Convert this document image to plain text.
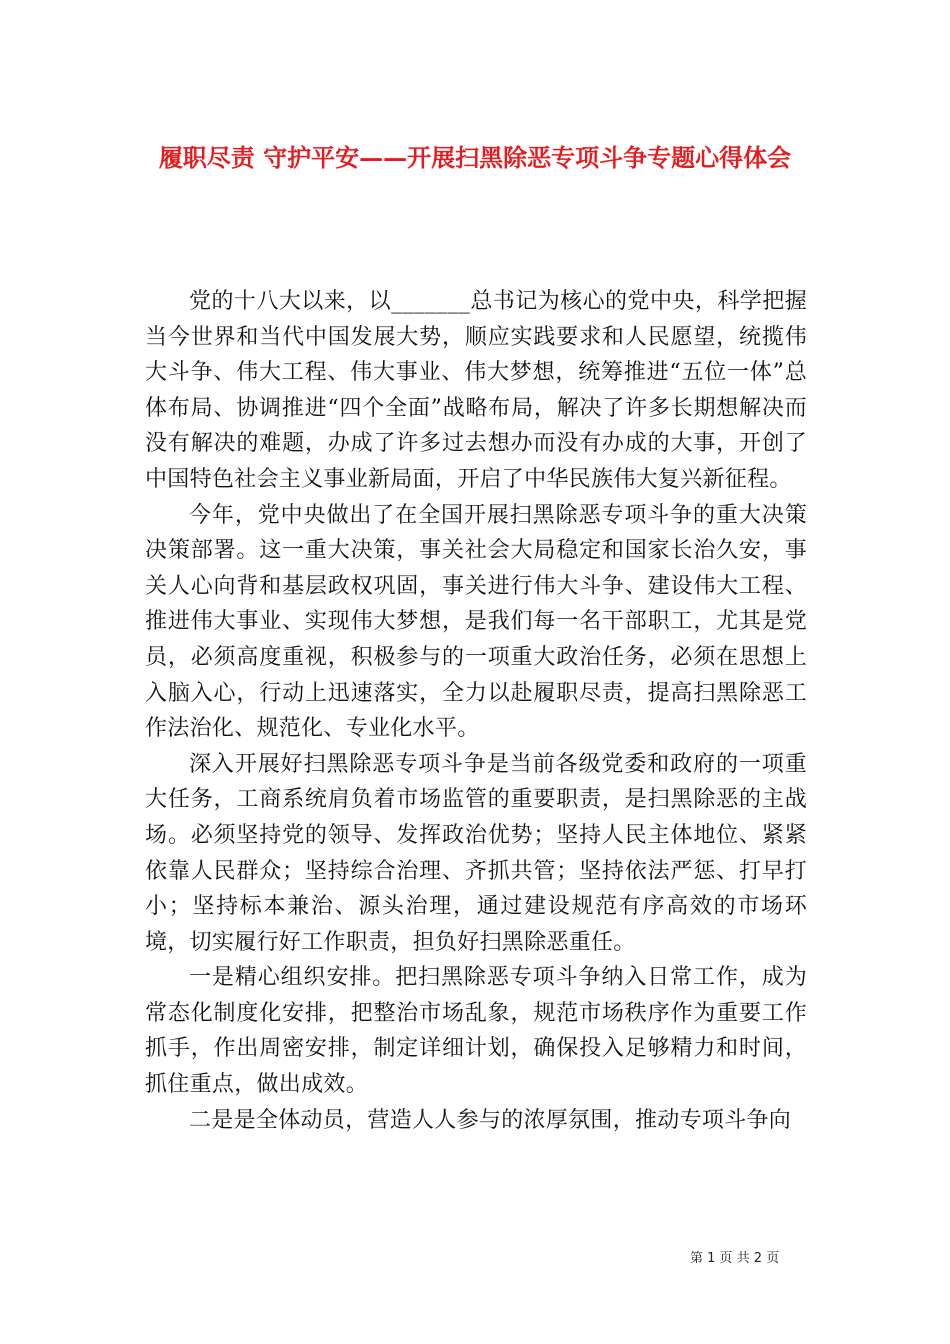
履职尽责 守护平安——开展扫黑除恶专项斗争专题心得体会

党的十八大以来，以_______总书记为核心的党中央，科学把握当今世界和当代中国发展大势，顺应实践要求和人民愿望，统揽伟大斗争、伟大工程、伟大事业、伟大梦想，统筹推进“五位一体”总体布局、协调推进“四个全面”战略布局，解决了许多长期想解决而没有解决的难题，办成了许多过去想办而没有办成的大事，开创了中国特色社会主义事业新局面，开启了中华民族伟大复兴新征程。

今年，党中央做出了在全国开展扫黑除恶专项斗争的重大决策决策部署。这一重大决策，事关社会大局稳定和国家长治久安，事关人心向背和基层政权巩固，事关进行伟大斗争、建设伟大工程、推进伟大事业、实现伟大梦想，是我们每一名干部职工，尤其是党员，必须高度重视，积极参与的一项重大政治任务，必须在思想上入脑入心，行动上迅速落实，全力以赴履职尽责，提高扫黑除恶工作法治化、规范化、专业化水平。

深入开展好扫黑除恶专项斗争是当前各级党委和政府的一项重大任务，工商系统肩负着市场监管的重要职责，是扫黑除恶的主战场。必须坚持党的领导、发挥政治优势；坚持人民主体地位、紧紧依靠人民群众；坚持综合治理、齐抓共管；坚持依法严惩、打早打小；坚持标本兼治、源头治理，通过建设规范有序高效的市场环境，切实履行好工作职责，担负好扫黑除恶重任。

一是精心组织安排。把扫黑除恶专项斗争纳入日常工作，成为常态化制度化安排，把整治市场乱象，规范市场秩序作为重要工作抓手，作出周密安排，制定详细计划，确保投入足够精力和时间，抓住重点，做出成效。

二是是全体动员，营造人人参与的浓厚氛围，推动专项斗争向

第 1 页 共 2 页
